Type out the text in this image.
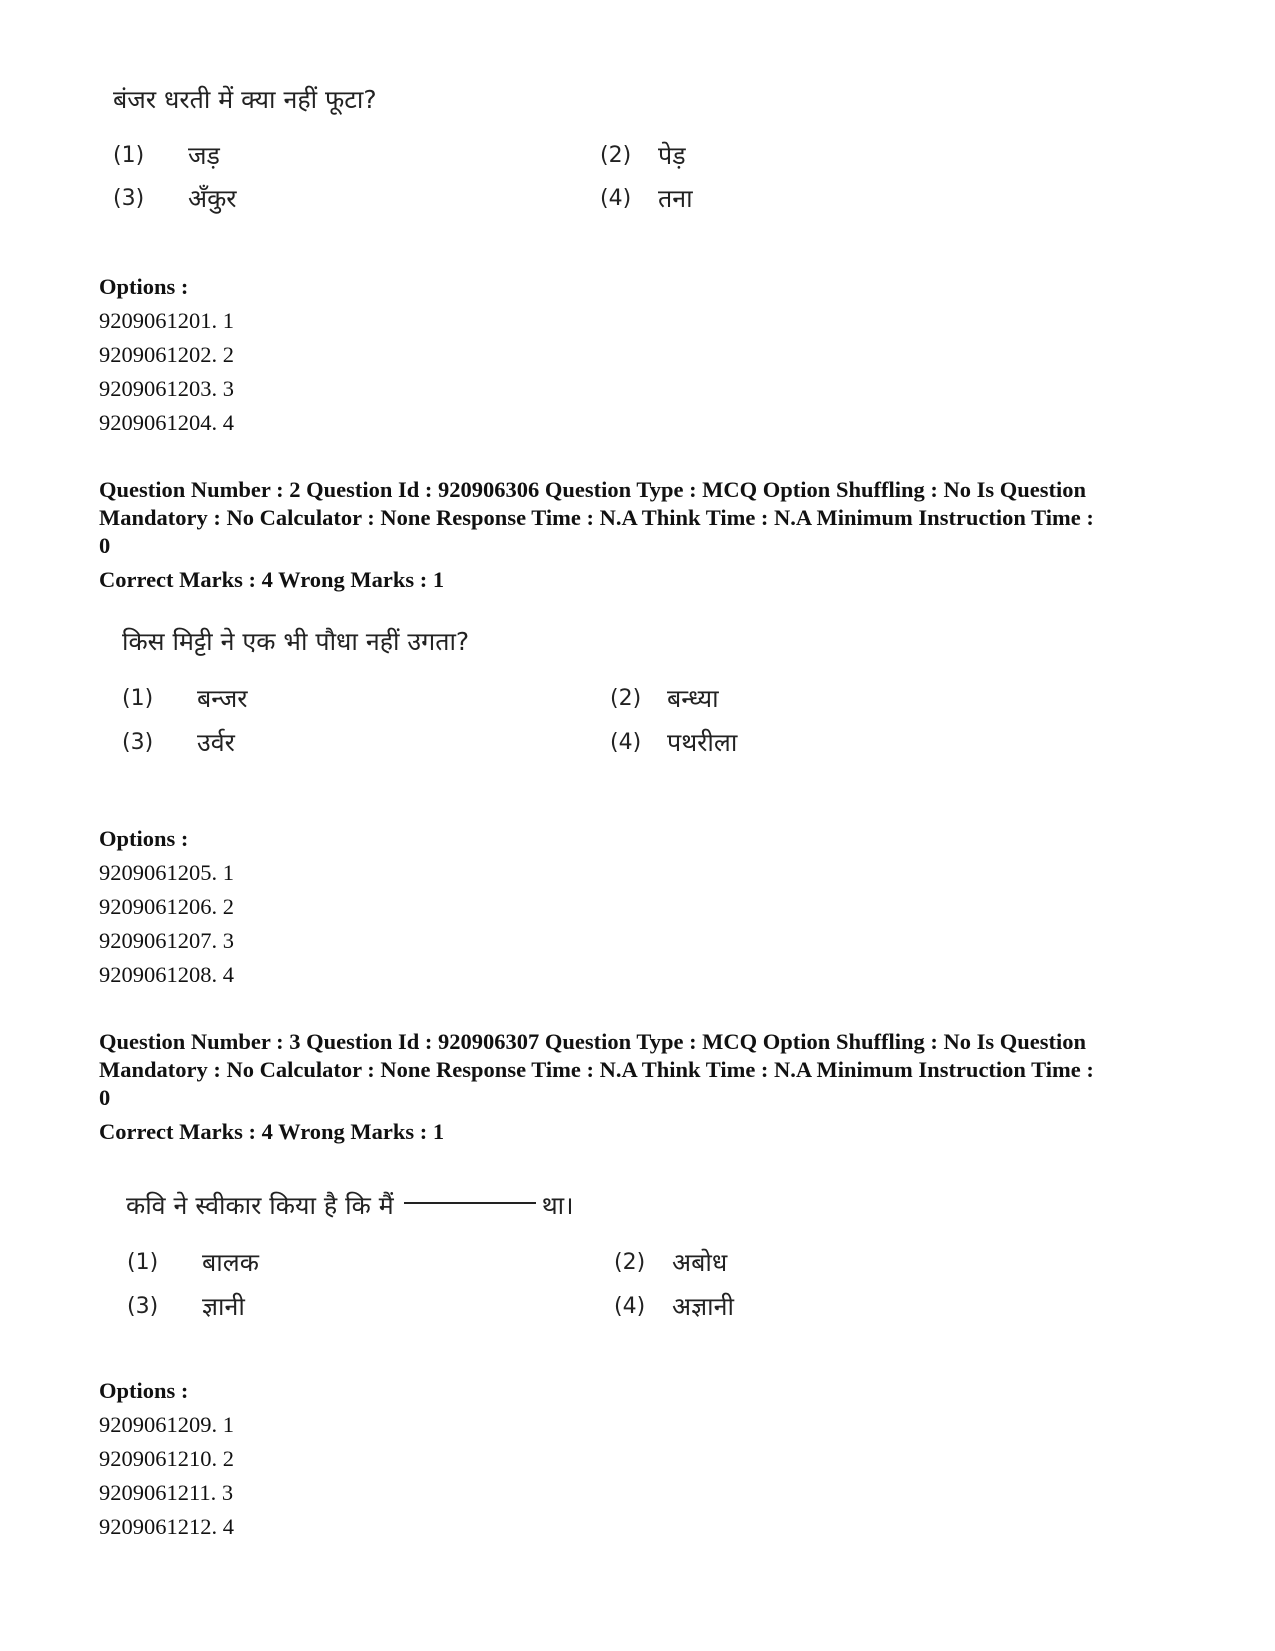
बंजर धरती में क्या नहीं फूटा?
(1) जड़	(2) पेड़
(3) अँकुर	(4) तना
Options :
9209061201. 1
9209061202. 2
9209061203. 3
9209061204. 4
Question Number : 2 Question Id : 920906306 Question Type : MCQ Option Shuffling : No Is Question Mandatory : No Calculator : None Response Time : N.A Think Time : N.A Minimum Instruction Time : 0
Correct Marks : 4 Wrong Marks : 1
किस मिट्टी ने एक भी पौधा नहीं उगता?
(1) बन्जर	(2) बन्ध्या
(3) उर्वर	(4) पथरीला
Options :
9209061205. 1
9209061206. 2
9209061207. 3
9209061208. 4
Question Number : 3 Question Id : 920906307 Question Type : MCQ Option Shuffling : No Is Question Mandatory : No Calculator : None Response Time : N.A Think Time : N.A Minimum Instruction Time : 0
Correct Marks : 4 Wrong Marks : 1
कवि ने स्वीकार किया है कि मैं	था।
(1) बालक	(2) अबोध
(3) ज्ञानी	(4) अज्ञानी
Options :
9209061209. 1
9209061210. 2
9209061211. 3
9209061212. 4
